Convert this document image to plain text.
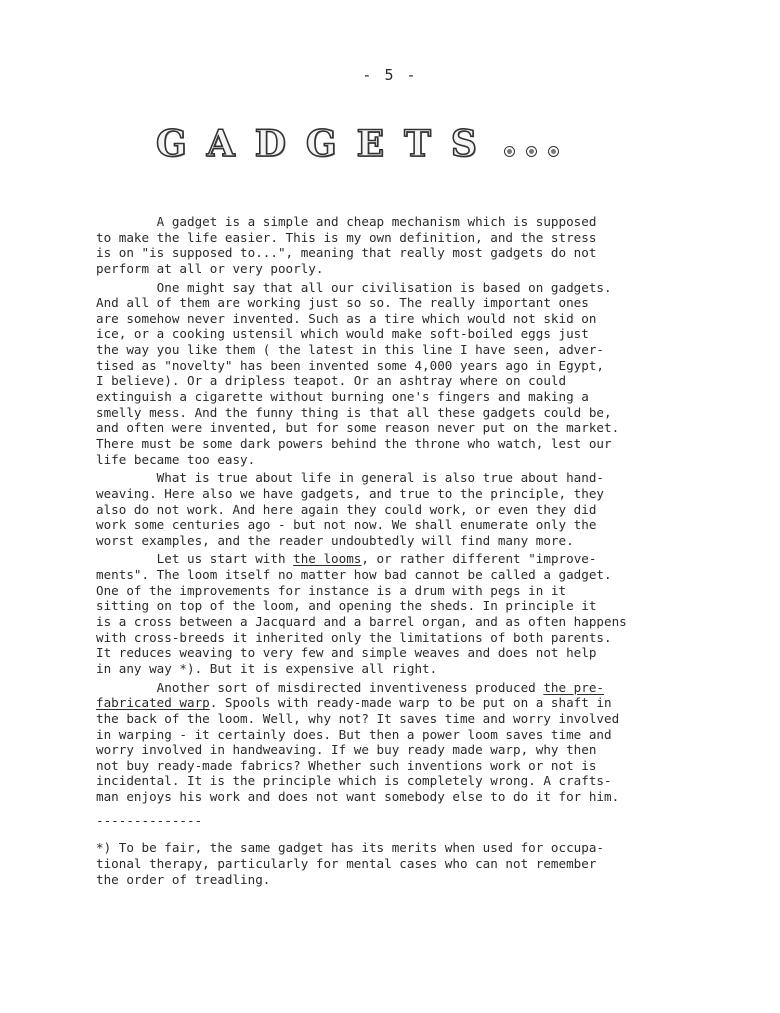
- 5 -
G A D G E T S
A gadget is a simple and cheap mechanism which is supposed
to make the life easier. This is my own definition, and the stress
is on "is supposed to...", meaning that really most gadgets do not
perform at all or very poorly.
One might say that all our civilisation is based on gadgets.
And all of them are working just so so. The really important ones
are somehow never invented. Such as a tire which would not skid on
ice, or a cooking ustensil which would make soft-boiled eggs just
the way you like them ( the latest in this line I have seen, adver-
tised as "novelty" has been invented some 4,000 years ago in Egypt,
I believe). Or a dripless teapot. Or an ashtray where on could
extinguish a cigarette without burning one's fingers and making a
smelly mess. And the funny thing is that all these gadgets could be,
and often were invented, but for some reason never put on the market.
There must be some dark powers behind the throne who watch, lest our
life became too easy.
What is true about life in general is also true about hand-
weaving. Here also we have gadgets, and true to the principle, they
also do not work. And here again they could work, or even they did
work some centuries ago - but not now. We shall enumerate only the
worst examples, and the reader undoubtedly will find many more.
Let us start with the looms, or rather different "improve-
ments". The loom itself no matter how bad cannot be called a gadget.
One of the improvements for instance is a drum with pegs in it
sitting on top of the loom, and opening the sheds. In principle it
is a cross between a Jacquard and a barrel organ, and as often happens
with cross-breeds it inherited only the limitations of both parents.
It reduces weaving to very few and simple weaves and does not help
in any way *). But it is expensive all right.
Another sort of misdirected inventiveness produced the pre-
fabricated warp. Spools with ready-made warp to be put on a shaft in
the back of the loom. Well, why not? It saves time and worry involved
in warping - it certainly does. But then a power loom saves time and
worry involved in handweaving. If we buy ready made warp, why then
not buy ready-made fabrics? Whether such inventions work or not is
incidental. It is the principle which is completely wrong. A crafts-
man enjoys his work and does not want somebody else to do it for him.
--------------
*) To be fair, the same gadget has its merits when used for occupa-
tional therapy, particularly for mental cases who can not remember
the order of treadling.
